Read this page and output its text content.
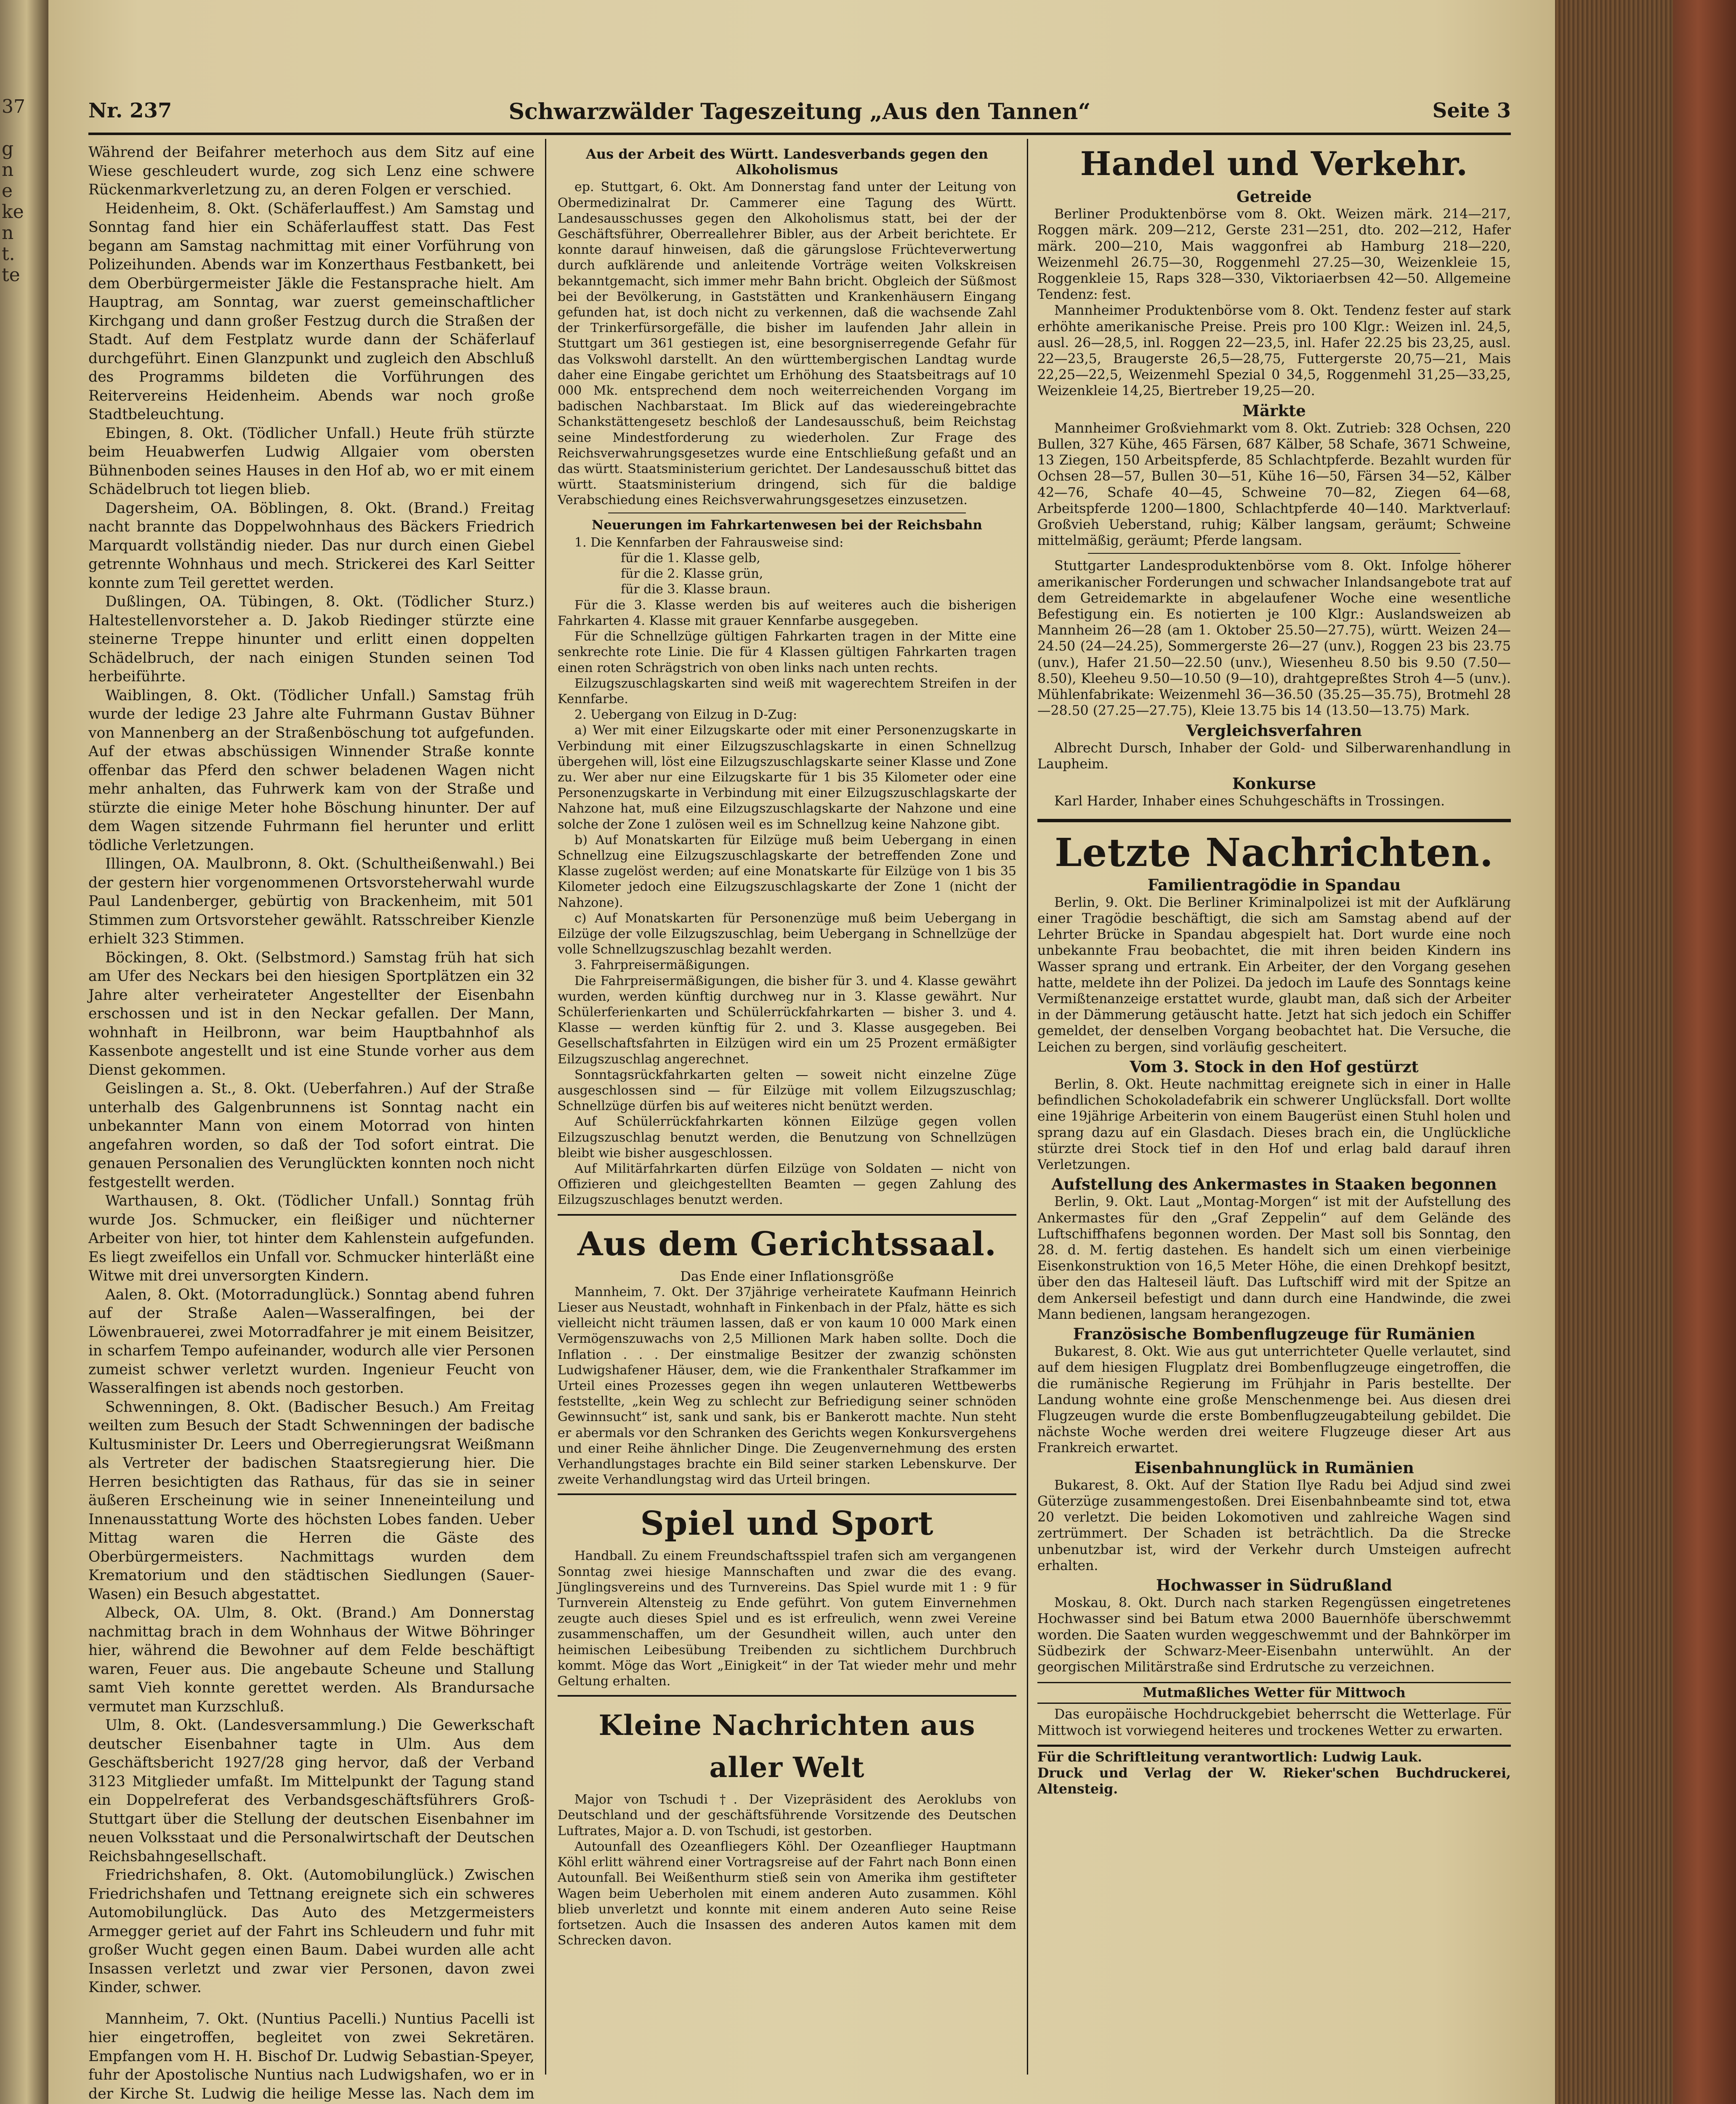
37
g
n
e
ke
n
t.
te
Nr. 237	Schwarzwälder Tageszeitung „Aus den Tannen“	Seite 3

Während der Beifahrer meterhoch aus dem Sitz auf eine Wiese geschleudert wurde, zog sich Lenz eine schwere Rückenmarkverletzung zu, an deren Folgen er verschied.

Heidenheim, 8. Okt. (Schäferlauffest.) Am Samstag und Sonntag fand hier ein Schäferlauffest statt. Das Fest begann am Samstag nachmittag mit einer Vorführung von Polizeihunden. Abends war im Konzerthaus Festbankett, bei dem Oberbürgermeister Jäkle die Festansprache hielt. Am Hauptrag, am Sonntag, war zuerst gemeinschaftlicher Kirchgang und dann großer Festzug durch die Straßen der Stadt. Auf dem Festplatz wurde dann der Schäferlauf durchgeführt. Einen Glanzpunkt und zugleich den Abschluß des Programms bildeten die Vorführungen des Reitervereins Heidenheim. Abends war noch große Stadtbeleuchtung.

Ebingen, 8. Okt. (Tödlicher Unfall.) Heute früh stürzte beim Heuabwerfen Ludwig Allgaier vom obersten Bühnenboden seines Hauses in den Hof ab, wo er mit einem Schädelbruch tot liegen blieb.

Dagersheim, OA. Böblingen, 8. Okt. (Brand.) Freitag nacht brannte das Doppelwohnhaus des Bäckers Friedrich Marquardt vollständig nieder. Das nur durch einen Giebel getrennte Wohnhaus und mech. Strickerei des Karl Seitter konnte zum Teil gerettet werden.

Dußlingen, OA. Tübingen, 8. Okt. (Tödlicher Sturz.) Haltestellenvorsteher a. D. Jakob Riedinger stürzte eine steinerne Treppe hinunter und erlitt einen doppelten Schädelbruch, der nach einigen Stunden seinen Tod herbeiführte.

Waiblingen, 8. Okt. (Tödlicher Unfall.) Samstag früh wurde der ledige 23 Jahre alte Fuhrmann Gustav Bühner von Mannenberg an der Straßenböschung tot aufgefunden. Auf der etwas abschüssigen Winnender Straße konnte offenbar das Pferd den schwer beladenen Wagen nicht mehr anhalten, das Fuhrwerk kam von der Straße und stürzte die einige Meter hohe Böschung hinunter. Der auf dem Wagen sitzende Fuhrmann fiel herunter und erlitt tödliche Verletzungen.

Illingen, OA. Maulbronn, 8. Okt. (Schultheißenwahl.) Bei der gestern hier vorgenommenen Ortsvorsteherwahl wurde Paul Landenberger, gebürtig von Brackenheim, mit 501 Stimmen zum Ortsvorsteher gewählt. Ratsschreiber Kienzle erhielt 323 Stimmen.

Böckingen, 8. Okt. (Selbstmord.) Samstag früh hat sich am Ufer des Neckars bei den hiesigen Sportplätzen ein 32 Jahre alter verheirateter Angestellter der Eisenbahn erschossen und ist in den Neckar gefallen. Der Mann, wohnhaft in Heilbronn, war beim Hauptbahnhof als Kassenbote angestellt und ist eine Stunde vorher aus dem Dienst gekommen.

Geislingen a. St., 8. Okt. (Ueberfahren.) Auf der Straße unterhalb des Galgenbrunnens ist Sonntag nacht ein unbekannter Mann von einem Motorrad von hinten angefahren worden, so daß der Tod sofort eintrat. Die genauen Personalien des Verunglückten konnten noch nicht festgestellt werden.

Warthausen, 8. Okt. (Tödlicher Unfall.) Sonntag früh wurde Jos. Schmucker, ein fleißiger und nüchterner Arbeiter von hier, tot hinter dem Kahlenstein aufgefunden. Es liegt zweifellos ein Unfall vor. Schmucker hinterläßt eine Witwe mit drei unversorgten Kindern.

Aalen, 8. Okt. (Motorradunglück.) Sonntag abend fuhren auf der Straße Aalen—Wasseralfingen, bei der Löwenbrauerei, zwei Motorradfahrer je mit einem Beisitzer, in scharfem Tempo aufeinander, wodurch alle vier Personen zumeist schwer verletzt wurden. Ingenieur Feucht von Wasseralfingen ist abends noch gestorben.

Schwenningen, 8. Okt. (Badischer Besuch.) Am Freitag weilten zum Besuch der Stadt Schwenningen der badische Kultusminister Dr. Leers und Oberregierungsrat Weißmann als Vertreter der badischen Staatsregierung hier. Die Herren besichtigten das Rathaus, für das sie in seiner äußeren Erscheinung wie in seiner Inneneinteilung und Innenausstattung Worte des höchsten Lobes fanden. Ueber Mittag waren die Herren die Gäste des Oberbürgermeisters. Nachmittags wurden dem Krematorium und den städtischen Siedlungen (Sauer-Wasen) ein Besuch abgestattet.

Albeck, OA. Ulm, 8. Okt. (Brand.) Am Donnerstag nachmittag brach in dem Wohnhaus der Witwe Böhringer hier, während die Bewohner auf dem Felde beschäftigt waren, Feuer aus. Die angebaute Scheune und Stallung samt Vieh konnte gerettet werden. Als Brandursache vermutet man Kurzschluß.

Ulm, 8. Okt. (Landesversammlung.) Die Gewerkschaft deutscher Eisenbahner tagte in Ulm. Aus dem Geschäftsbericht 1927/28 ging hervor, daß der Verband 3123 Mitglieder umfaßt. Im Mittelpunkt der Tagung stand ein Doppelreferat des Verbandsgeschäftsführers Groß-Stuttgart über die Stellung der deutschen Eisenbahner im neuen Volksstaat und die Personalwirtschaft der Deutschen Reichsbahngesellschaft.

Friedrichshafen, 8. Okt. (Automobilunglück.) Zwischen Friedrichshafen und Tettnang ereignete sich ein schweres Automobilunglück. Das Auto des Metzgermeisters Armegger geriet auf der Fahrt ins Schleudern und fuhr mit großer Wucht gegen einen Baum. Dabei wurden alle acht Insassen verletzt und zwar vier Personen, davon zwei Kinder, schwer.

Mannheim, 7. Okt. (Nuntius Pacelli.) Nuntius Pacelli ist hier eingetroffen, begleitet von zwei Sekretären. Empfangen vom H. H. Bischof Dr. Ludwig Sebastian-Speyer, fuhr der Apostolische Nuntius nach Ludwigshafen, wo er in der Kirche St. Ludwig die heilige Messe las. Nach dem im

Aus der Arbeit des Württ. Landesverbands gegen den Alkoholismus

ep. Stuttgart, 6. Okt. Am Donnerstag fand unter der Leitung von Obermedizinalrat Dr. Cammerer eine Tagung des Württ. Landesausschusses gegen den Alkoholismus statt, bei der der Geschäftsführer, Oberreallehrer Bibler, aus der Arbeit berichtete. Er konnte darauf hinweisen, daß die gärungslose Früchteverwertung durch aufklärende und anleitende Vorträge weiten Volkskreisen bekanntgemacht, sich immer mehr Bahn bricht. Obgleich der Süßmost bei der Bevölkerung, in Gaststätten und Krankenhäusern Eingang gefunden hat, ist doch nicht zu verkennen, daß die wachsende Zahl der Trinkerfürsorgefälle, die bisher im laufenden Jahr allein in Stuttgart um 361 gestiegen ist, eine besorgniserregende Gefahr für das Volkswohl darstellt. An den württembergischen Landtag wurde daher eine Eingabe gerichtet um Erhöhung des Staatsbeitrags auf 10 000 Mk. entsprechend dem noch weiterreichenden Vorgang im badischen Nachbarstaat. Im Blick auf das wiedereingebrachte Schankstättengesetz beschloß der Landesausschuß, beim Reichstag seine Mindestforderung zu wiederholen. Zur Frage des Reichsverwahrungsgesetzes wurde eine Entschließung gefaßt und an das württ. Staatsministerium gerichtet. Der Landesausschuß bittet das württ. Staatsministerium dringend, sich für die baldige Verabschiedung eines Reichsverwahrungsgesetzes einzusetzen.

Neuerungen im Fahrkartenwesen bei der Reichsbahn

1. Die Kennfarben der Fahrausweise sind:

für die 1. Klasse gelb,
für die 2. Klasse grün,
für die 3. Klasse braun.

Für die 3. Klasse werden bis auf weiteres auch die bisherigen Fahrkarten 4. Klasse mit grauer Kennfarbe ausgegeben.

Für die Schnellzüge gültigen Fahrkarten tragen in der Mitte eine senkrechte rote Linie. Die für 4 Klassen gültigen Fahrkarten tragen einen roten Schrägstrich von oben links nach unten rechts.

Eilzugszuschlagskarten sind weiß mit wagerechtem Streifen in der Kennfarbe.

2. Uebergang von Eilzug in D-Zug:

a) Wer mit einer Eilzugskarte oder mit einer Personenzugskarte in Verbindung mit einer Eilzugszuschlagskarte in einen Schnellzug übergehen will, löst eine Eilzugszuschlagskarte seiner Klasse und Zone zu. Wer aber nur eine Eilzugskarte für 1 bis 35 Kilometer oder eine Personenzugskarte in Verbindung mit einer Eilzugszuschlagskarte der Nahzone hat, muß eine Eilzugszuschlagskarte der Nahzone und eine solche der Zone 1 zulösen weil es im Schnellzug keine Nahzone gibt.

b) Auf Monatskarten für Eilzüge muß beim Uebergang in einen Schnellzug eine Eilzugszuschlagskarte der betreffenden Zone und Klasse zugelöst werden; auf eine Monatskarte für Eilzüge von 1 bis 35 Kilometer jedoch eine Eilzugszuschlagskarte der Zone 1 (nicht der Nahzone).

c) Auf Monatskarten für Personenzüge muß beim Uebergang in Eilzüge der volle Eilzugszuschlag, beim Uebergang in Schnellzüge der volle Schnellzugszuschlag bezahlt werden.

3. Fahrpreisermäßigungen.

Die Fahrpreisermäßigungen, die bisher für 3. und 4. Klasse gewährt wurden, werden künftig durchweg nur in 3. Klasse gewährt. Nur Schülerferienkarten und Schülerrückfahrkarten — bisher 3. und 4. Klasse — werden künftig für 2. und 3. Klasse ausgegeben. Bei Gesellschaftsfahrten in Eilzügen wird ein um 25 Prozent ermäßigter Eilzugszuschlag angerechnet.

Sonntagsrückfahrkarten gelten — soweit nicht einzelne Züge ausgeschlossen sind — für Eilzüge mit vollem Eilzugszuschlag; Schnellzüge dürfen bis auf weiteres nicht benützt werden.

Auf Schülerrückfahrkarten können Eilzüge gegen vollen Eilzugszuschlag benutzt werden, die Benutzung von Schnellzügen bleibt wie bisher ausgeschlossen.

Auf Militärfahrkarten dürfen Eilzüge von Soldaten — nicht von Offizieren und gleichgestellten Beamten — gegen Zahlung des Eilzugszuschlages benutzt werden.

Aus dem Gerichtssaal.
Das Ende einer Inflationsgröße

Mannheim, 7. Okt. Der 37jährige verheiratete Kaufmann Heinrich Lieser aus Neustadt, wohnhaft in Finkenbach in der Pfalz, hätte es sich vielleicht nicht träumen lassen, daß er von kaum 10 000 Mark einen Vermögenszuwachs von 2,5 Millionen Mark haben sollte. Doch die Inflation . . . Der einstmalige Besitzer der zwanzig schönsten Ludwigshafener Häuser, dem, wie die Frankenthaler Strafkammer im Urteil eines Prozesses gegen ihn wegen unlauteren Wettbewerbs feststellte, „kein Weg zu schlecht zur Befriedigung seiner schnöden Gewinnsucht“ ist, sank und sank, bis er Bankerott machte. Nun steht er abermals vor den Schranken des Gerichts wegen Konkursvergehens und einer Reihe ähnlicher Dinge. Die Zeugenvernehmung des ersten Verhandlungstages brachte ein Bild seiner starken Lebenskurve. Der zweite Verhandlungstag wird das Urteil bringen.

Spiel und Sport

Handball. Zu einem Freundschaftsspiel trafen sich am vergangenen Sonntag zwei hiesige Mannschaften und zwar die des evang. Jünglingsvereins und des Turnvereins. Das Spiel wurde mit 1 : 9 für Turnverein Altensteig zu Ende geführt. Von gutem Einvernehmen zeugte auch dieses Spiel und es ist erfreulich, wenn zwei Vereine zusammenschaffen, um der Gesundheit willen, auch unter den heimischen Leibesübung Treibenden zu sichtlichem Durchbruch kommt. Möge das Wort „Einigkeit“ in der Tat wieder mehr und mehr Geltung erhalten.

Kleine Nachrichten aus aller Welt

Major von Tschudi †. Der Vizepräsident des Aeroklubs von Deutschland und der geschäftsführende Vorsitzende des Deutschen Luftrates, Major a. D. von Tschudi, ist gestorben.

Autounfall des Ozeanfliegers Köhl. Der Ozeanflieger Hauptmann Köhl erlitt während einer Vortragsreise auf der Fahrt nach Bonn einen Autounfall. Bei Weißenthurm stieß sein von Amerika ihm gestifteter Wagen beim Ueberholen mit einem anderen Auto zusammen. Köhl blieb unverletzt und konnte mit einem anderen Auto seine Reise fortsetzen. Auch die Insassen des anderen Autos kamen mit dem Schrecken davon.

Handel und Verkehr.
Getreide

Berliner Produktenbörse vom 8. Okt. Weizen märk. 214—217, Roggen märk. 209—212, Gerste 231—251, dto. 202—212, Hafer märk. 200—210, Mais waggonfrei ab Hamburg 218—220, Weizenmehl 26.75—30, Roggenmehl 27.25—30, Weizenkleie 15, Roggenkleie 15, Raps 328—330, Viktoriaerbsen 42—50. Allgemeine Tendenz: fest.

Mannheimer Produktenbörse vom 8. Okt. Tendenz fester auf stark erhöhte amerikanische Preise. Preis pro 100 Klgr.: Weizen inl. 24,5, ausl. 26—28,5, inl. Roggen 22—23,5, inl. Hafer 22.25 bis 23,25, ausl. 22—23,5, Braugerste 26,5—28,75, Futtergerste 20,75—21, Mais 22,25—22,5, Weizenmehl Spezial 0 34,5, Roggenmehl 31,25—33,25, Weizenkleie 14,25, Biertreber 19,25—20.

Märkte

Mannheimer Großviehmarkt vom 8. Okt. Zutrieb: 328 Ochsen, 220 Bullen, 327 Kühe, 465 Färsen, 687 Kälber, 58 Schafe, 3671 Schweine, 13 Ziegen, 150 Arbeitspferde, 85 Schlachtpferde. Bezahlt wurden für Ochsen 28—57, Bullen 30—51, Kühe 16—50, Färsen 34—52, Kälber 42—76, Schafe 40—45, Schweine 70—82, Ziegen 64—68, Arbeitspferde 1200—1800, Schlachtpferde 40—140. Marktverlauf: Großvieh Ueberstand, ruhig; Kälber langsam, geräumt; Schweine mittelmäßig, geräumt; Pferde langsam.

Stuttgarter Landesproduktenbörse vom 8. Okt. Infolge höherer amerikanischer Forderungen und schwacher Inlandsangebote trat auf dem Getreidemarkte in abgelaufener Woche eine wesentliche Befestigung ein. Es notierten je 100 Klgr.: Auslandsweizen ab Mannheim 26—28 (am 1. Oktober 25.50—27.75), württ. Weizen 24—24.50 (24—24.25), Sommergerste 26—27 (unv.), Roggen 23 bis 23.75 (unv.), Hafer 21.50—22.50 (unv.), Wiesenheu 8.50 bis 9.50 (7.50—8.50), Kleeheu 9.50—10.50 (9—10), drahtgepreßtes Stroh 4—5 (unv.). Mühlenfabrikate: Weizenmehl 36—36.50 (35.25—35.75), Brotmehl 28—28.50 (27.25—27.75), Kleie 13.75 bis 14 (13.50—13.75) Mark.

Vergleichsverfahren

Albrecht Dursch, Inhaber der Gold- und Silberwarenhandlung in Laupheim.

Konkurse

Karl Harder, Inhaber eines Schuhgeschäfts in Trossingen.

Letzte Nachrichten.
Familientragödie in Spandau

Berlin, 9. Okt. Die Berliner Kriminalpolizei ist mit der Aufklärung einer Tragödie beschäftigt, die sich am Samstag abend auf der Lehrter Brücke in Spandau abgespielt hat. Dort wurde eine noch unbekannte Frau beobachtet, die mit ihren beiden Kindern ins Wasser sprang und ertrank. Ein Arbeiter, der den Vorgang gesehen hatte, meldete ihn der Polizei. Da jedoch im Laufe des Sonntags keine Vermißtenanzeige erstattet wurde, glaubt man, daß sich der Arbeiter in der Dämmerung getäuscht hatte. Jetzt hat sich jedoch ein Schiffer gemeldet, der denselben Vorgang beobachtet hat. Die Versuche, die Leichen zu bergen, sind vorläufig gescheitert.

Vom 3. Stock in den Hof gestürzt

Berlin, 8. Okt. Heute nachmittag ereignete sich in einer in Halle befindlichen Schokoladefabrik ein schwerer Unglücksfall. Dort wollte eine 19jährige Arbeiterin von einem Baugerüst einen Stuhl holen und sprang dazu auf ein Glasdach. Dieses brach ein, die Unglückliche stürzte drei Stock tief in den Hof und erlag bald darauf ihren Verletzungen.

Aufstellung des Ankermastes in Staaken begonnen

Berlin, 9. Okt. Laut „Montag-Morgen“ ist mit der Aufstellung des Ankermastes für den „Graf Zeppelin“ auf dem Gelände des Luftschiffhafens begonnen worden. Der Mast soll bis Sonntag, den 28. d. M. fertig dastehen. Es handelt sich um einen vierbeinige Eisenkonstruktion von 16,5 Meter Höhe, die einen Drehkopf besitzt, über den das Halteseil läuft. Das Luftschiff wird mit der Spitze an dem Ankerseil befestigt und dann durch eine Handwinde, die zwei Mann bedienen, langsam herangezogen.

Französische Bombenflugzeuge für Rumänien

Bukarest, 8. Okt. Wie aus gut unterrichteter Quelle verlautet, sind auf dem hiesigen Flugplatz drei Bombenflugzeuge eingetroffen, die die rumänische Regierung im Frühjahr in Paris bestellte. Der Landung wohnte eine große Menschenmenge bei. Aus diesen drei Flugzeugen wurde die erste Bombenflugzeugabteilung gebildet. Die nächste Woche werden drei weitere Flugzeuge dieser Art aus Frankreich erwartet.

Eisenbahnunglück in Rumänien

Bukarest, 8. Okt. Auf der Station Ilye Radu bei Adjud sind zwei Güterzüge zusammengestoßen. Drei Eisenbahnbeamte sind tot, etwa 20 verletzt. Die beiden Lokomotiven und zahlreiche Wagen sind zertrümmert. Der Schaden ist beträchtlich. Da die Strecke unbenutzbar ist, wird der Verkehr durch Umsteigen aufrecht erhalten.

Hochwasser in Südrußland

Moskau, 8. Okt. Durch nach starken Regengüssen eingetretenes Hochwasser sind bei Batum etwa 2000 Bauernhöfe überschwemmt worden. Die Saaten wurden weggeschwemmt und der Bahnkörper im Südbezirk der Schwarz-Meer-Eisenbahn unterwühlt. An der georgischen Militärstraße sind Erdrutsche zu verzeichnen.

Mutmaßliches Wetter für Mittwoch

Das europäische Hochdruckgebiet beherrscht die Wetterlage. Für Mittwoch ist vorwiegend heiteres und trockenes Wetter zu erwarten.

Für die Schriftleitung verantwortlich: Ludwig Lauk.
Druck und Verlag der W. Rieker'schen Buchdruckerei, Altensteig.
